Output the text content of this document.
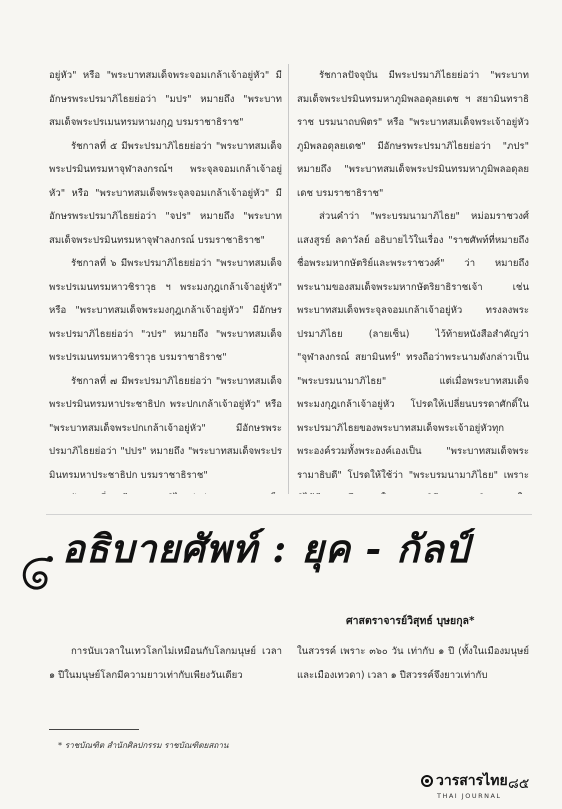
อยู่หัว" หรือ "พระบาทสมเด็จพระจอมเกล้าเจ้าอยู่หัว" มีอักษรพระปรมาภิไธยย่อว่า "มปร" หมายถึง "พระบาทสมเด็จพระปรเมนทรมหามงกุฎ บรมราชาธิราช"

รัชกาลที่ ๕ มีพระปรมาภิไธยย่อว่า "พระบาทสมเด็จพระปรมินทรมหาจุฬาลงกรณ์ฯ พระจุลจอมเกล้าเจ้าอยู่หัว" หรือ "พระบาทสมเด็จพระจุลจอมเกล้าเจ้าอยู่หัว" มีอักษรพระปรมาภิไธยย่อว่า "จปร" หมายถึง "พระบาทสมเด็จพระปรมินทรมหาจุฬาลงกรณ์ บรมราชาธิราช"

รัชกาลที่ ๖ มีพระปรมาภิไธยย่อว่า "พระบาทสมเด็จพระปรเมนทรมหาวชิราวุธ ฯ พระมงกุฎเกล้าเจ้าอยู่หัว" หรือ "พระบาทสมเด็จพระมงกุฎเกล้าเจ้าอยู่หัว" มีอักษรพระปรมาภิไธยย่อว่า "วปร" หมายถึง "พระบาทสมเด็จพระปรเมนทรมหาวชิราวุธ บรมราชาธิราช"

รัชกาลที่ ๗ มีพระปรมาภิไธยย่อว่า "พระบาทสมเด็จพระปรมินทรมหาประชาธิปก พระปกเกล้าเจ้าอยู่หัว" หรือ "พระบาทสมเด็จพระปกเกล้าเจ้าอยู่หัว" มีอักษรพระปรมาภิไธยย่อว่า "ปปร" หมายถึง "พระบาทสมเด็จพระปรมินทรมหาประชาธิปก บรมราชาธิราช"

รัชกาลปัจจุบัน มีพระปรมาภิไธยย่อว่า "พระบาทสมเด็จพระปรมินทรมหาภูมิพลอดุลยเดช ฯ สยามินทราธิราช บรมนาถบพิตร" หรือ "พระบาทสมเด็จพระเจ้าอยู่หัวภูมิพลอดุลยเดช" มีอักษรพระปรมาภิไธยย่อว่า "ภปร" หมายถึง "พระบาทสมเด็จพระปรมินทรมหาภูมิพลอดุลยเดช บรมราชาธิราช"

ส่วนคำว่า "พระบรมนามาภิไธย" หม่อมราชวงศ์แสงสูรย์ ลดาวัลย์ อธิบายไว้ในเรื่อง "ราชศัพท์ที่หมายถึงชื่อพระมหากษัตริย์และพระราชวงศ์" ว่า หมายถึงพระนามของสมเด็จพระมหากษัตริยาธิราชเจ้า เช่น พระบาทสมเด็จพระจุลจอมเกล้าเจ้าอยู่หัว ทรงลงพระปรมาภิไธย (ลายเซ็น) ไว้ท้ายหนังสือสำคัญว่า "จุฬาลงกรณ์ สยามินทร์" ทรงถือว่าพระนามดังกล่าวเป็น "พระบรมนามาภิไธย" แต่เมื่อพระบาทสมเด็จพระมงกุฎเกล้าเจ้าอยู่หัว โปรดให้เปลี่ยนบรรดาศักดิ์ในพระปรมาภิไธยของพระบาทสมเด็จพระเจ้าอยู่หัวทุกพระองค์รวมทั้งพระองค์เองเป็น "พระบาทสมเด็จพระรามาธิบดี" โปรดให้ใช้ว่า "พระบรมนามาภิไธย" เพราะ

อธิบายศัพท์ : ยุค - กัลป์
ศาสตราจารย์วิสุทธ์ บุษยกุล*

การนับเวลาในเทวโลกไม่เหมือนกับโลกมนุษย์ เวลา ๑ ปีในมนุษย์โลกมีความยาวเท่ากับเพียงวันเดียว

ในสวรรค์ เพราะ ๓๖๐ วัน เท่ากับ ๑ ปี (ทั้งในเมืองมนุษย์และเมืองเทวดา) เวลา ๑ ปีสวรรค์จึงยาวเท่ากับ

* ราชบัณฑิต สำนักศิลปกรรม ราชบัณฑิตยสถาน
วารสารไทย
THAI JOURNAL
๘๕
